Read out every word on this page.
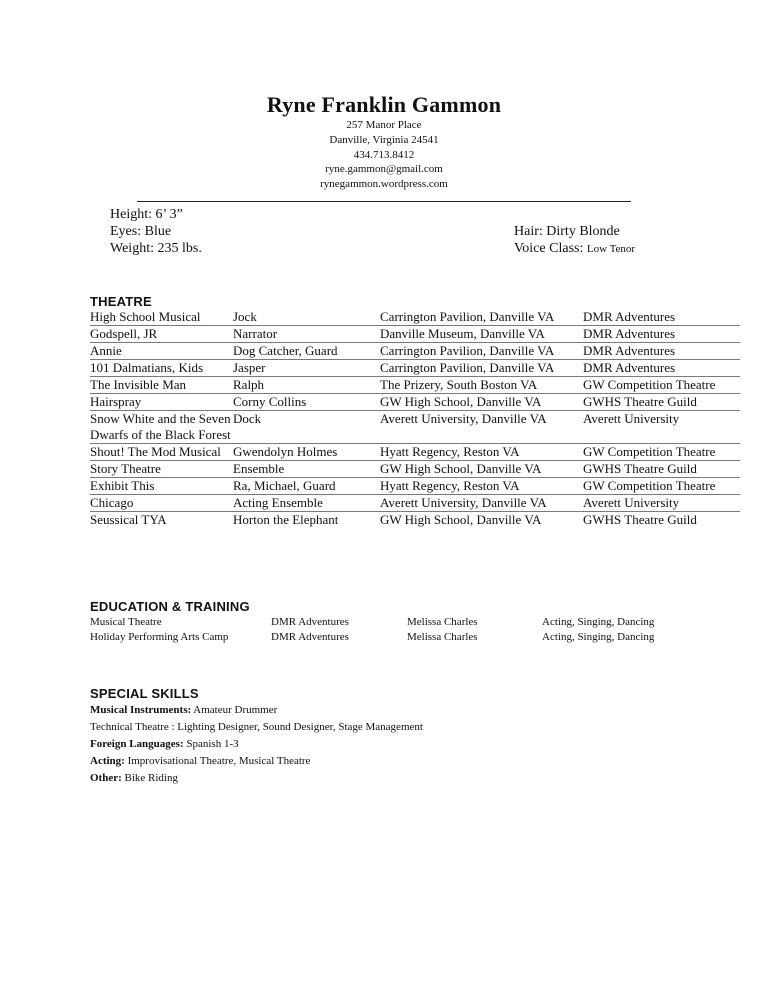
Ryne Franklin Gammon
257 Manor Place
Danville, Virginia 24541
434.713.8412
ryne.gammon@gmail.com
rynegammon.wordpress.com
Height: 6’ 3”
Eyes: Blue
Weight: 235 lbs.
Hair: Dirty Blonde
Voice Class: Low Tenor
THEATRE
High School Musical	Jock	Carrington Pavilion, Danville VA	DMR Adventures
Godspell, JR	Narrator	Danville Museum, Danville VA	DMR Adventures
Annie	Dog Catcher, Guard	Carrington Pavilion, Danville VA	DMR Adventures
101 Dalmatians, Kids	Jasper	Carrington Pavilion, Danville VA	DMR Adventures
The Invisible Man	Ralph	The Prizery, South Boston VA	GW Competition Theatre
Hairspray	Corny Collins	GW High School, Danville VA	GWHS Theatre Guild
Snow White and the Seven Dwarfs of the Black Forest	Dock	Averett University, Danville VA	Averett University
Shout! The Mod Musical	Gwendolyn Holmes	Hyatt Regency, Reston VA	GW Competition Theatre
Story Theatre	Ensemble	GW High School, Danville VA	GWHS Theatre Guild
Exhibit This	Ra, Michael, Guard	Hyatt Regency, Reston VA	GW Competition Theatre
Chicago	Acting Ensemble	Averett University, Danville VA	Averett University
Seussical TYA	Horton the Elephant	GW High School, Danville VA	GWHS Theatre Guild
EDUCATION & TRAINING
Musical Theatre	DMR Adventures	Melissa Charles	Acting, Singing, Dancing
Holiday Performing Arts Camp	DMR Adventures	Melissa Charles	Acting, Singing, Dancing
SPECIAL SKILLS
Musical Instruments: Amateur Drummer
Technical Theatre : Lighting Designer, Sound Designer, Stage Management
Foreign Languages: Spanish 1-3
Acting: Improvisational Theatre, Musical Theatre
Other: Bike Riding
